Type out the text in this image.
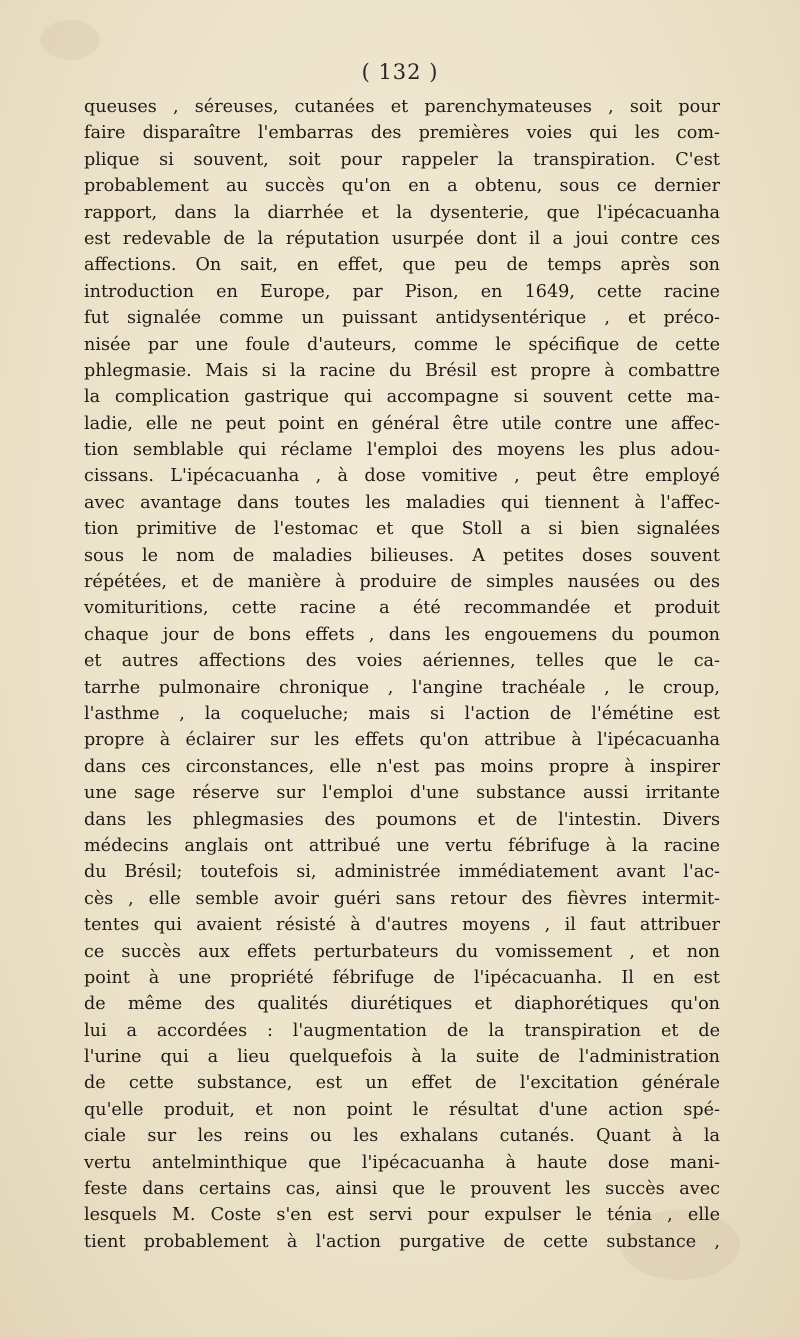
( 132 )
queuses , séreuses, cutanées et parenchymateuses , soit pour
faire disparaître l'embarras des premières voies qui les com-
plique si souvent, soit pour rappeler la transpiration. C'est
probablement au succès qu'on en a obtenu, sous ce dernier
rapport, dans la diarrhée et la dysenterie, que l'ipécacuanha
est redevable de la réputation usurpée dont il a joui contre ces
affections. On sait, en effet, que peu de temps après son
introduction en Europe, par Pison, en 1649, cette racine
fut signalée comme un puissant antidysentérique , et préco-
nisée par une foule d'auteurs, comme le spécifique de cette
phlegmasie. Mais si la racine du Brésil est propre à combattre
la complication gastrique qui accompagne si souvent cette ma-
ladie, elle ne peut point en général être utile contre une affec-
tion semblable qui réclame l'emploi des moyens les plus adou-
cissans. L'ipécacuanha , à dose vomitive , peut être employé
avec avantage dans toutes les maladies qui tiennent à l'affec-
tion primitive de l'estomac et que Stoll a si bien signalées
sous le nom de maladies bilieuses. A petites doses souvent
répétées, et de manière à produire de simples nausées ou des
vomituritions, cette racine a été recommandée et produit
chaque jour de bons effets , dans les engouemens du poumon
et autres affections des voies aériennes, telles que le ca-
tarrhe pulmonaire chronique , l'angine trachéale , le croup,
l'asthme , la coqueluche; mais si l'action de l'émétine est
propre à éclairer sur les effets qu'on attribue à l'ipécacuanha
dans ces circonstances, elle n'est pas moins propre à inspirer
une sage réserve sur l'emploi d'une substance aussi irritante
dans les phlegmasies des poumons et de l'intestin. Divers
médecins anglais ont attribué une vertu fébrifuge à la racine
du Brésil; toutefois si, administrée immédiatement avant l'ac-
cès , elle semble avoir guéri sans retour des fièvres intermit-
tentes qui avaient résisté à d'autres moyens , il faut attribuer
ce succès aux effets perturbateurs du vomissement , et non
point à une propriété fébrifuge de l'ipécacuanha. Il en est
de même des qualités diurétiques et diaphorétiques qu'on
lui a accordées : l'augmentation de la transpiration et de
l'urine qui a lieu quelquefois à la suite de l'administration
de cette substance, est un effet de l'excitation générale
qu'elle produit, et non point le résultat d'une action spé-
ciale sur les reins ou les exhalans cutanés. Quant à la
vertu antelminthique que l'ipécacuanha à haute dose mani-
feste dans certains cas, ainsi que le prouvent les succès avec
lesquels M. Coste s'en est servi pour expulser le ténia , elle
tient probablement à l'action purgative de cette substance ,
